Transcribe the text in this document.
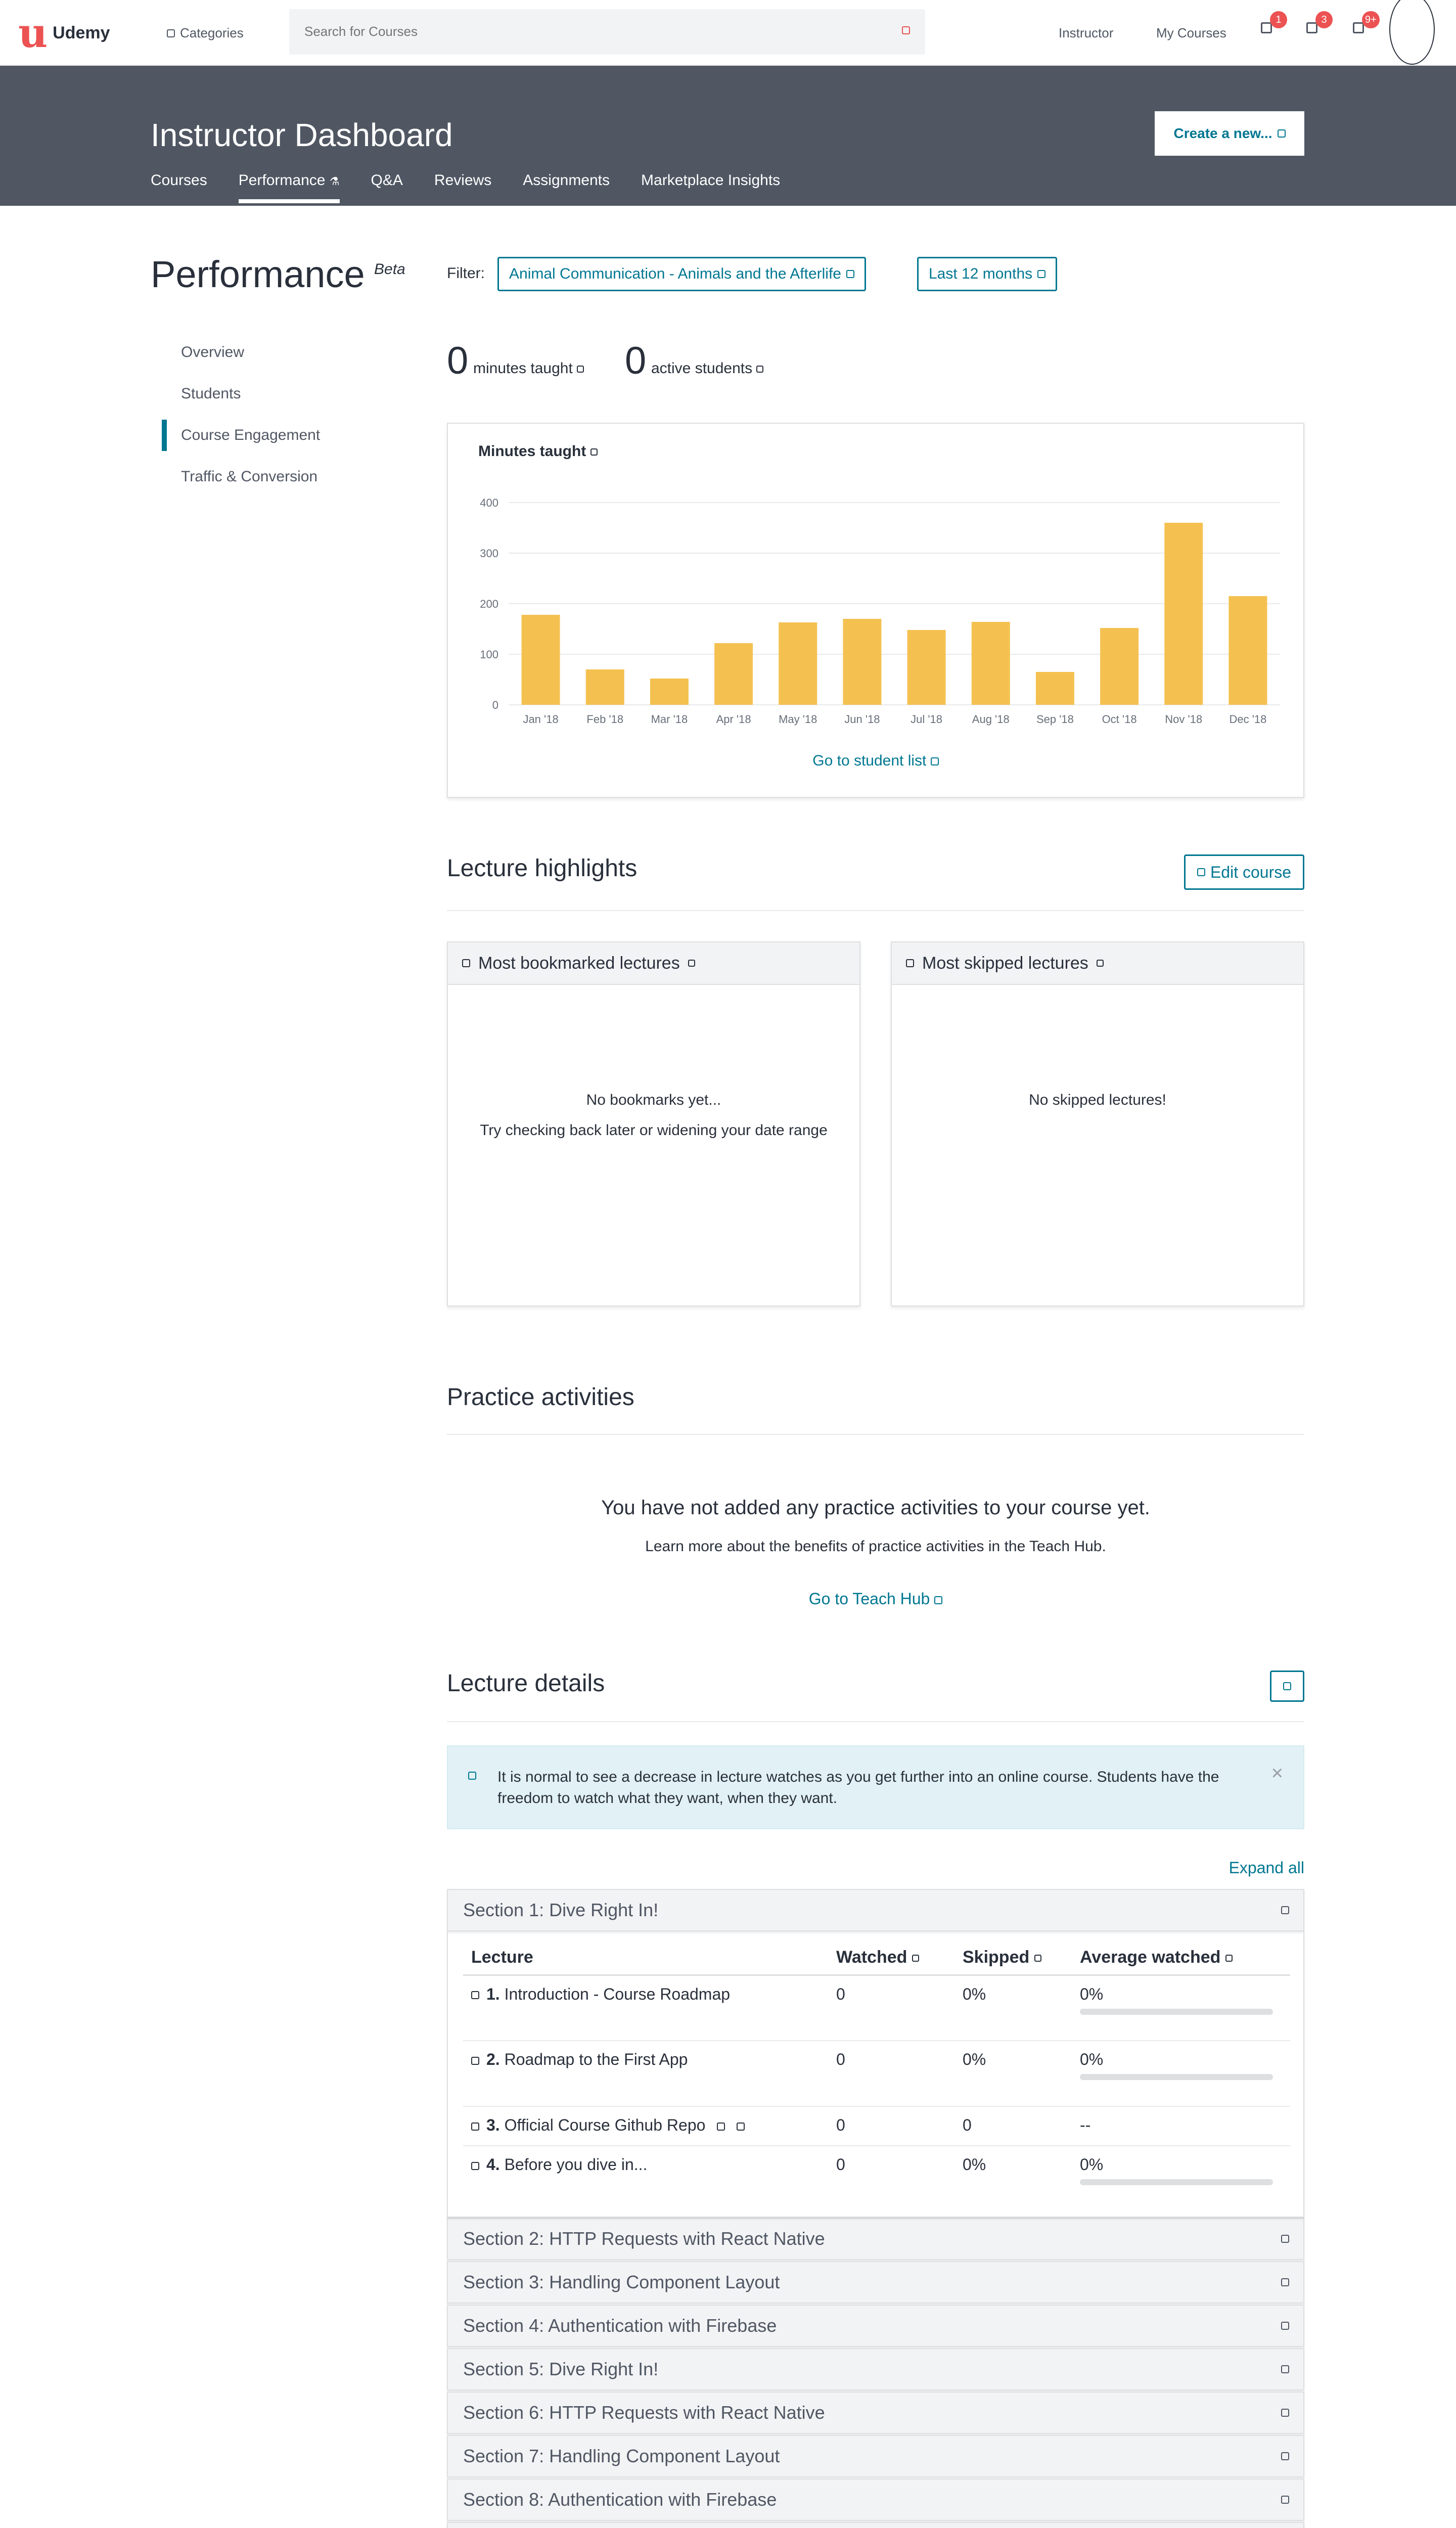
u Udemy	Categories
Search for Courses	Instructor	My Courses
1	3	9+
Instructor Dashboard	Create a new...
Courses Performance ⚗ Q&A Reviews Assignments Marketplace Insights
Performance Beta
Overview
Students
Course Engagement
Traffic & Conversion
Filter: Animal Communication - Animals and the Afterlife	Last 12 months
0 minutes taught 0 active students
0
100
200
300
400
Jan '18	Feb '18 Mar '18	Apr '18 May '18 Jun '18	Jul '18	Aug '18 Sep '18	Oct '18	Nov '18 Dec '18
Minutes taught
Go to student list
Lecture highlights	Edit course
Most bookmarked lectures
No bookmarks yet...
Try checking back later or widening your date range
Most skipped lectures
No skipped lectures!
Practice activities
You have not added any practice activities to your course yet.
Learn more about the benefits of practice activities in the Teach Hub.
Go to Teach Hub
Lecture details
It is normal to see a decrease in lecture watches as you get further into an online course. Students have the freedom to watch what they want, when they want.
×
Expand all
Section 1: Dive Right In!
Lecture	Watched	Skipped	Average watched
1. Introduction - Course Roadmap	0	0%	0%

2. Roadmap to the First App	0	0%	0%

3. Official Course Github Repo	0	0	--

4. Before you dive in...	0	0%	0%
Section 2: HTTP Requests with React Native
Section 3: Handling Component Layout
Section 4: Authentication with Firebase
Section 5: Dive Right In!
Section 6: HTTP Requests with React Native
Section 7: Handling Component Layout
Section 8: Authentication with Firebase
